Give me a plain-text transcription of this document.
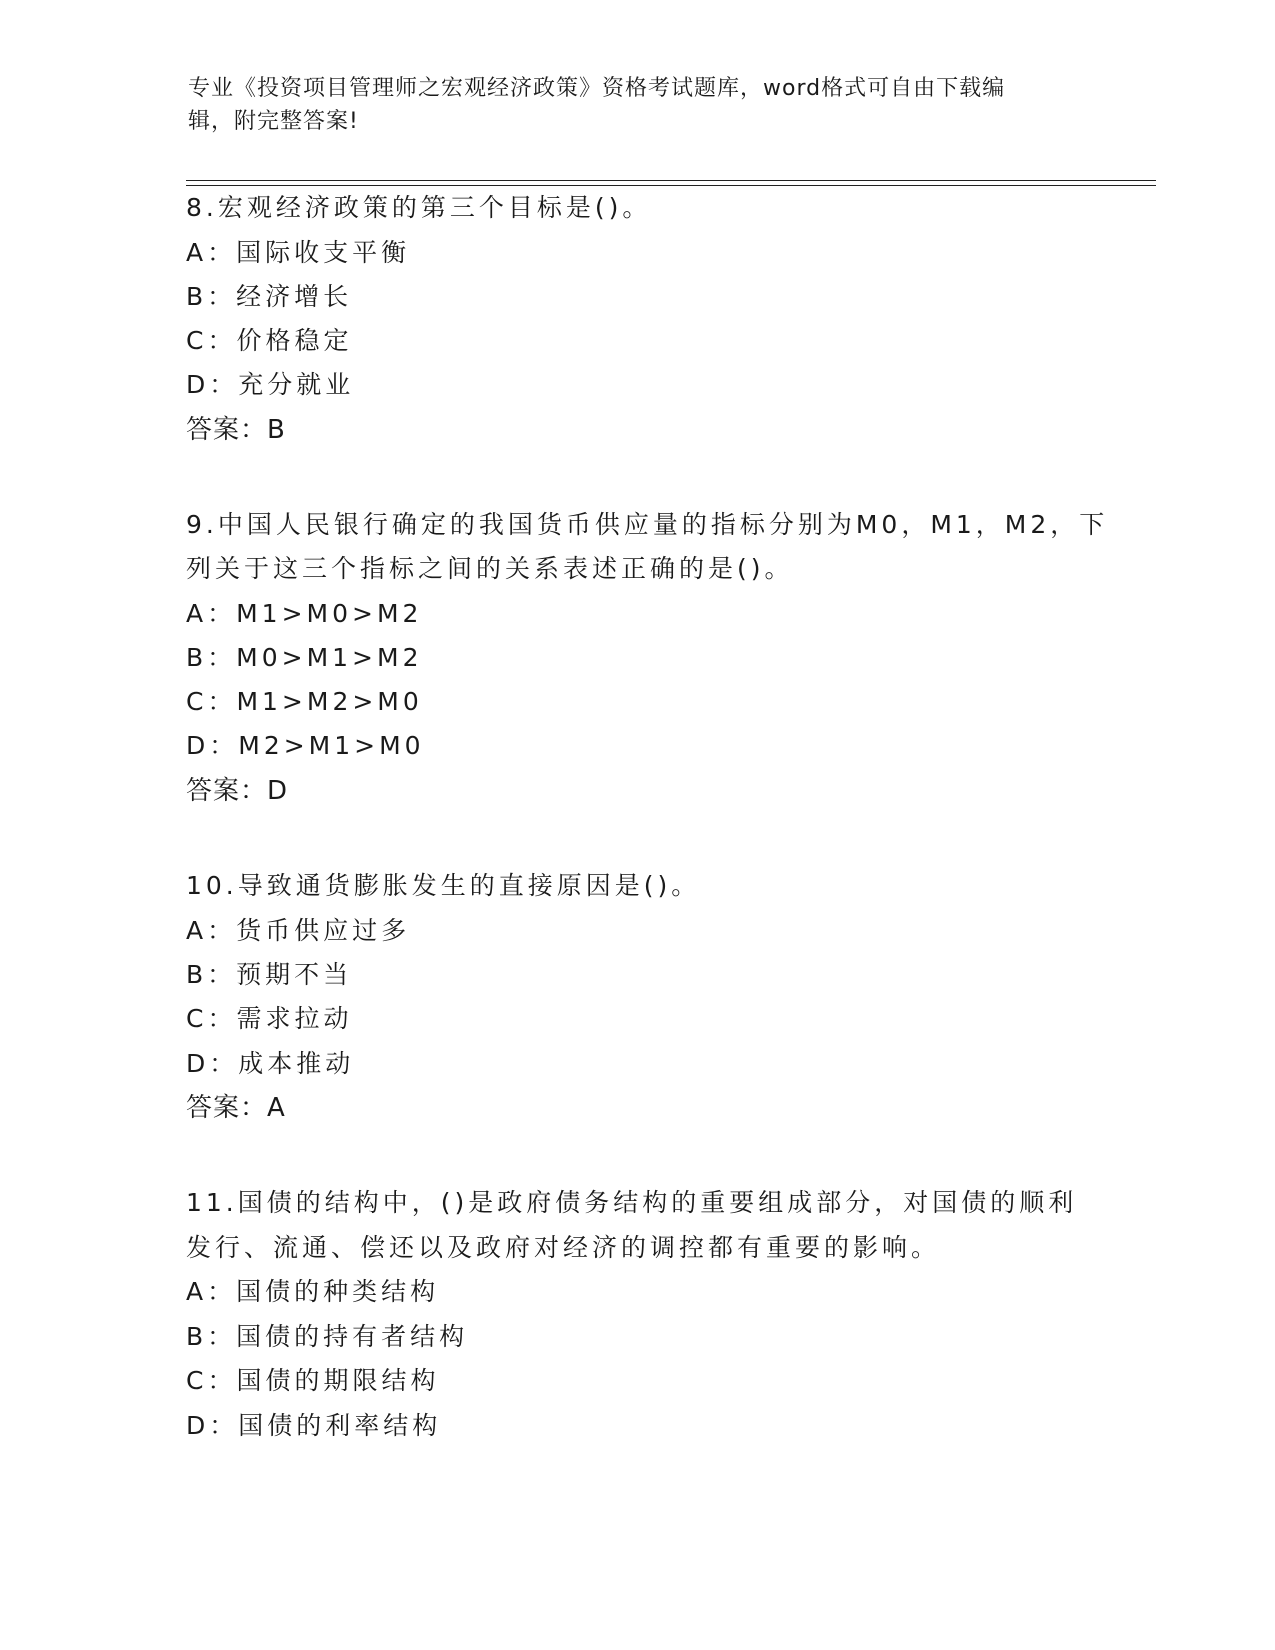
专业《投资项目管理师之宏观经济政策》资格考试题库，word格式可自由下载编
辑，附完整答案!
8.宏观经济政策的第三个目标是()。
A：国际收支平衡
B：经济增长
C：价格稳定
D：充分就业
答案：B
9.中国人民银行确定的我国货币供应量的指标分别为M0，M1，M2，下
列关于这三个指标之间的关系表述正确的是()。
A：M1>M0>M2
B：M0>M1>M2
C：M1>M2>M0
D：M2>M1>M0
答案：D
10.导致通货膨胀发生的直接原因是()。
A：货币供应过多
B：预期不当
C：需求拉动
D：成本推动
答案：A
11.国债的结构中，()是政府债务结构的重要组成部分，对国债的顺利
发行、流通、偿还以及政府对经济的调控都有重要的影响。
A：国债的种类结构
B：国债的持有者结构
C：国债的期限结构
D：国债的利率结构
